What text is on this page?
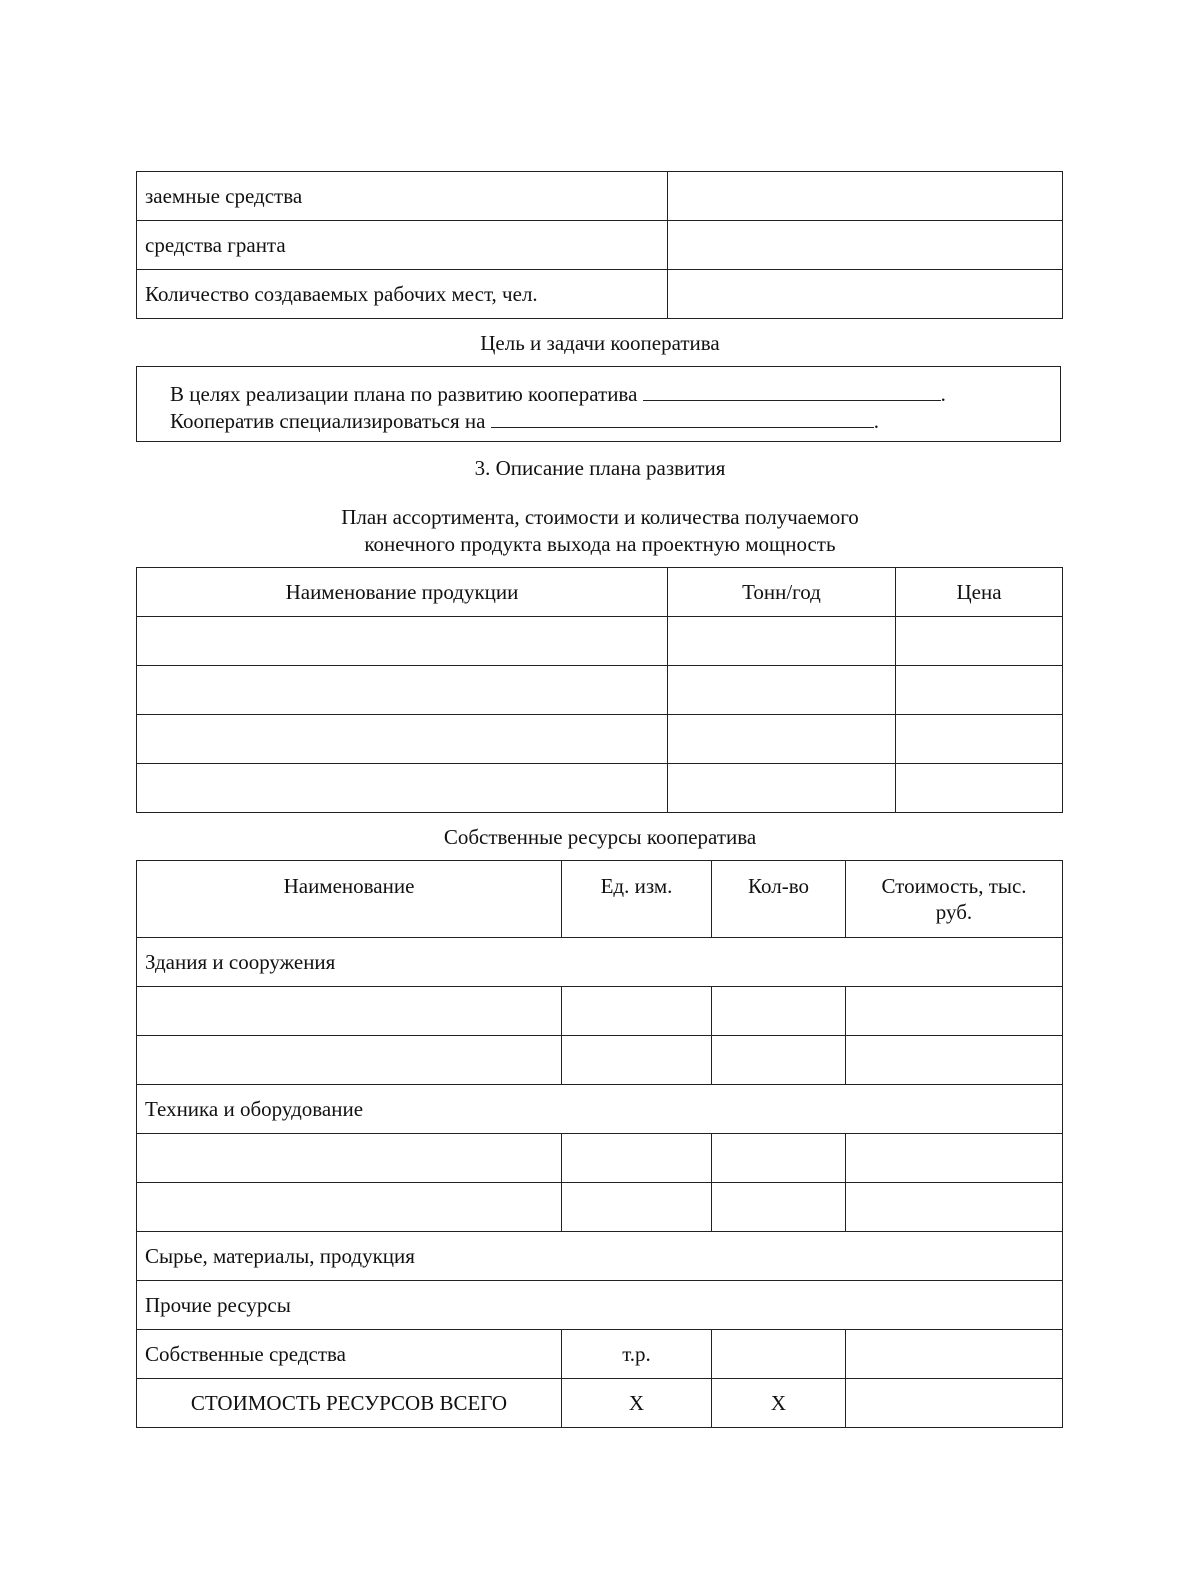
заемные средства	
средства гранта	
Количество создаваемых рабочих мест, чел.	
Цель и задачи кооператива
В целях реализации плана по развитию кооператива	.
Кооператив специализироваться на	.
3. Описание плана развития
План ассортимента, стоимости и количества получаемого
конечного продукта выхода на проектную мощность
Наименование продукции	Тонн/год	Цена

Собственные ресурсы кооператива
Наименование	Ед. изм.	Кол-во	Стоимость, тыс. руб.
Здания и сооружения			

Техника и оборудование			

Сырье, материалы, продукция			
Прочие ресурсы			
Собственные средства	т.р.		
СТОИМОСТЬ РЕСУРСОВ ВСЕГО	Х	Х	
